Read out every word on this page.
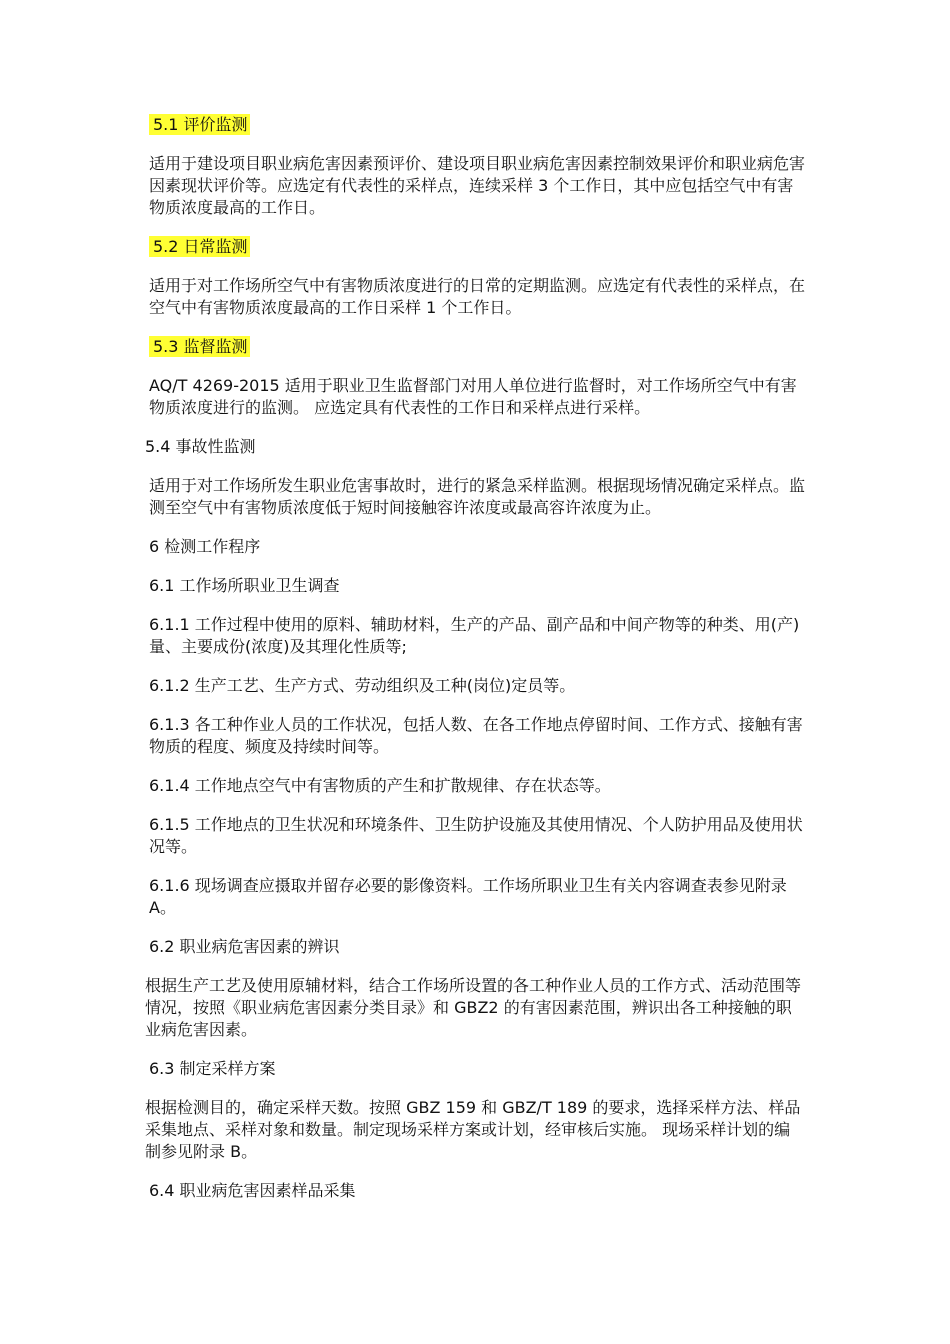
5.1 评价监测

适用于建设项目职业病危害因素预评价、建设项目职业病危害因素控制效果评价和职业病危害因素现状评价等。应选定有代表性的采样点，连续采样 3 个工作日，其中应包括空气中有害物质浓度最高的工作日。

5.2 日常监测

适用于对工作场所空气中有害物质浓度进行的日常的定期监测。应选定有代表性的采样点，在空气中有害物质浓度最高的工作日采样 1 个工作日。

5.3 监督监测

AQ/T 4269-2015 适用于职业卫生监督部门对用人单位进行监督时，对工作场所空气中有害物质浓度进行的监测。 应选定具有代表性的工作日和采样点进行采样。

5.4 事故性监测

适用于对工作场所发生职业危害事故时，进行的紧急采样监测。根据现场情况确定采样点。监测至空气中有害物质浓度低于短时间接触容许浓度或最高容许浓度为止。

6 检测工作程序

6.1 工作场所职业卫生调查

6.1.1 工作过程中使用的原料、辅助材料，生产的产品、副产品和中间产物等的种类、用(产)量、主要成份(浓度)及其理化性质等;

6.1.2 生产工艺、生产方式、劳动组织及工种(岗位)定员等。

6.1.3 各工种作业人员的工作状况，包括人数、在各工作地点停留时间、工作方式、接触有害物质的程度、频度及持续时间等。

6.1.4 工作地点空气中有害物质的产生和扩散规律、存在状态等。

6.1.5 工作地点的卫生状况和环境条件、卫生防护设施及其使用情况、个人防护用品及使用状况等。

6.1.6 现场调查应摄取并留存必要的影像资料。工作场所职业卫生有关内容调查表参见附录 A。

6.2 职业病危害因素的辨识

根据生产工艺及使用原辅材料，结合工作场所设置的各工种作业人员的工作方式、活动范围等情况，按照《职业病危害因素分类目录》和 GBZ2 的有害因素范围，辨识出各工种接触的职业病危害因素。

6.3 制定采样方案

根据检测目的，确定采样天数。按照 GBZ 159 和 GBZ/T 189 的要求，选择采样方法、样品采集地点、采样对象和数量。制定现场采样方案或计划，经审核后实施。 现场采样计划的编制参见附录 B。

6.4 职业病危害因素样品采集
